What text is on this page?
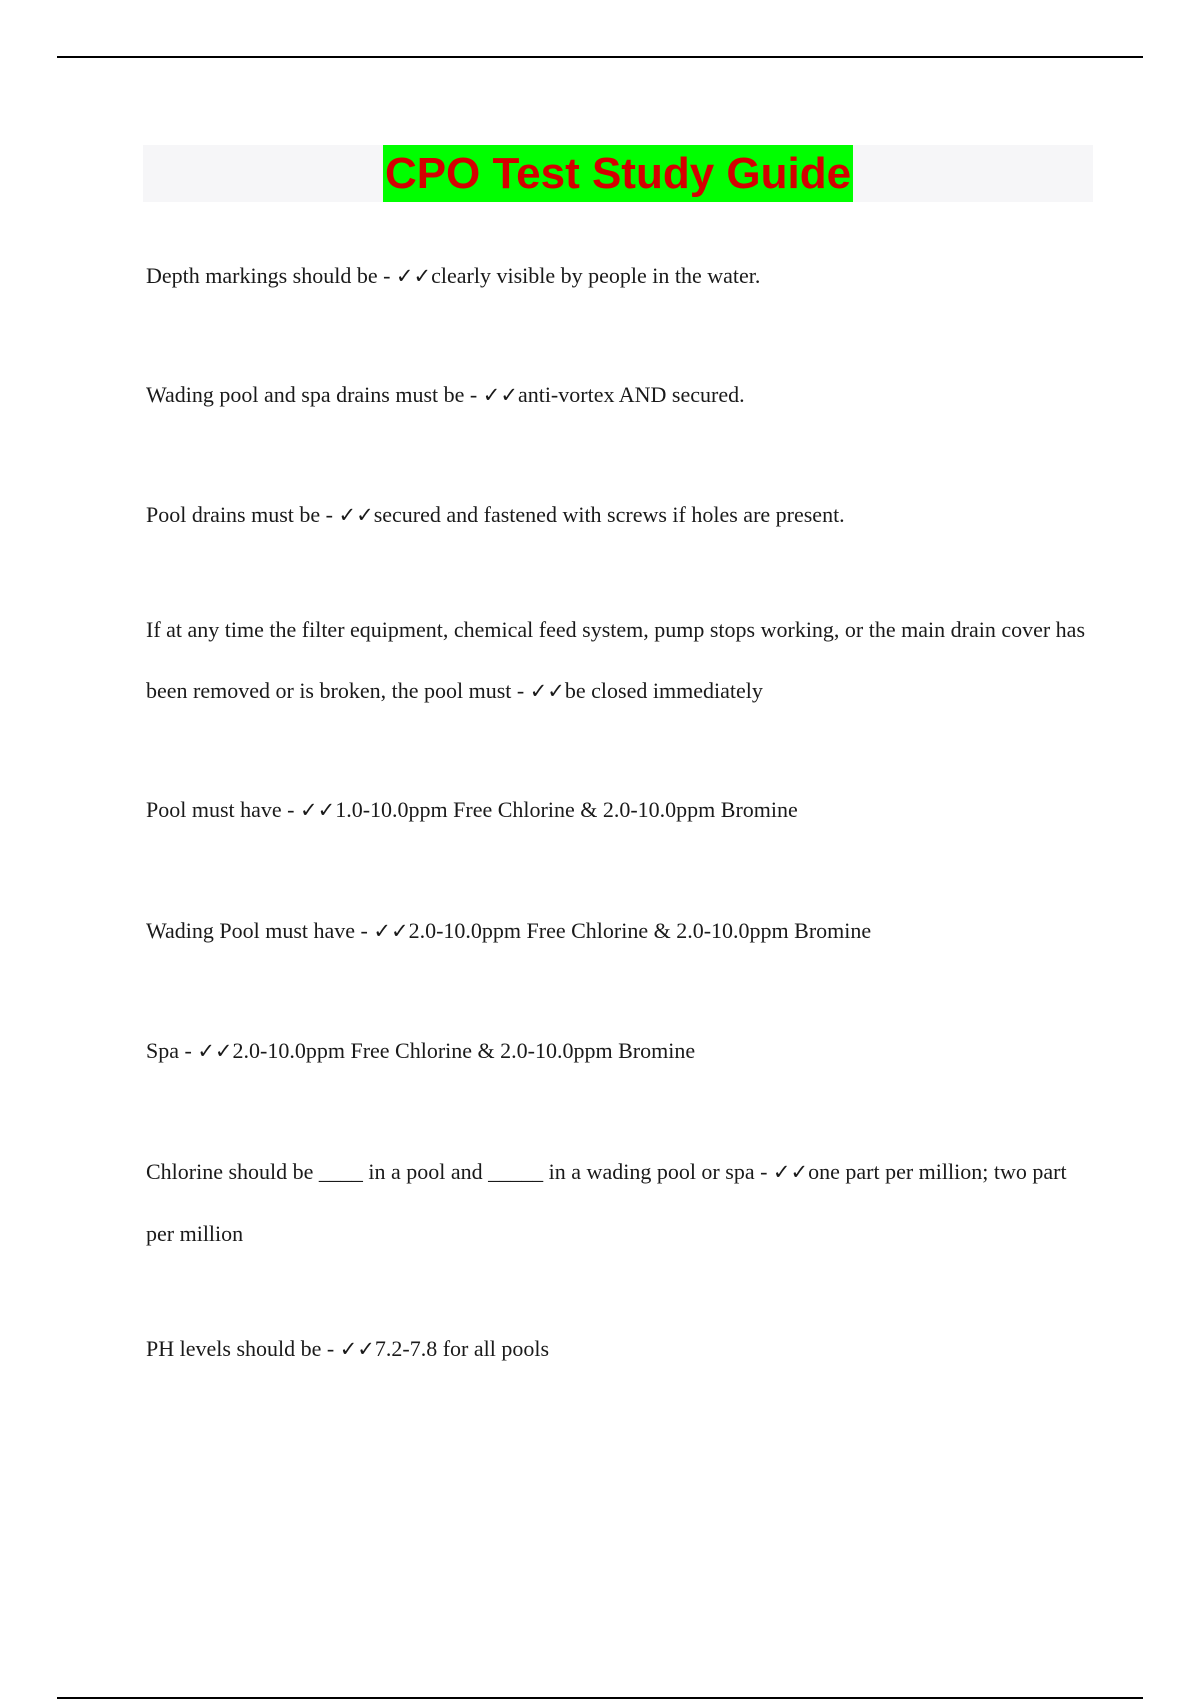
CPO Test Study Guide

Depth markings should be - ✓✓clearly visible by people in the water.

Wading pool and spa drains must be - ✓✓anti-vortex AND secured.

Pool drains must be - ✓✓secured and fastened with screws if holes are present.

If at any time the filter equipment, chemical feed system, pump stops working, or the main drain cover has been removed or is broken, the pool must - ✓✓be closed immediately

Pool must have - ✓✓1.0-10.0ppm Free Chlorine & 2.0-10.0ppm Bromine

Wading Pool must have - ✓✓2.0-10.0ppm Free Chlorine & 2.0-10.0ppm Bromine

Spa - ✓✓2.0-10.0ppm Free Chlorine & 2.0-10.0ppm Bromine

Chlorine should be ____ in a pool and _____ in a wading pool or spa - ✓✓one part per million; two part per million

PH levels should be - ✓✓7.2-7.8 for all pools
